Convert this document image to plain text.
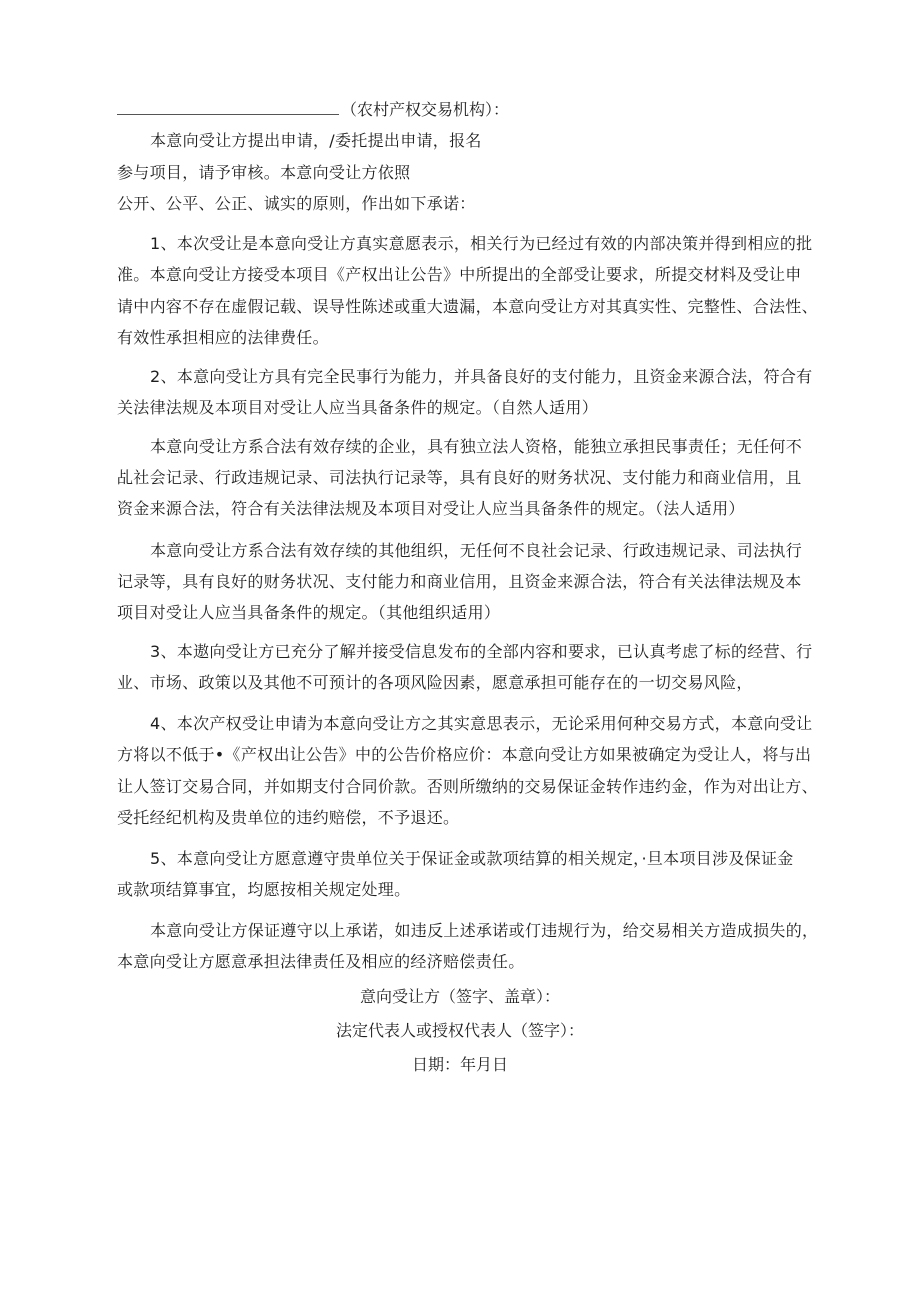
（农村产权交易机构）：
本意向受让方提出申请，/委托提出申请，报名
参与项目，请予审核。本意向受让方依照
公开、公平、公正、诚实的原则，作出如下承诺：
1、本次受让是本意向受让方真实意愿表示，相关行为已经过有效的内部决策并得到相应的批
准。本意向受让方接受本项目《产权出让公告》中所提出的全部受让要求，所提交材料及受让申
请中内容不存在虚假记载、误导性陈述或重大遗漏，本意向受让方对其真实性、完整性、合法性、
有效性承担相应的法律费任。
2、本意向受让方具有完全民事行为能力，并具备良好的支付能力，且资金来源合法，符合有
关法律法规及本项目对受让人应当具备条件的规定。（自然人适用）
本意向受让方系合法有效存续的企业，具有独立法人资格，能独立承担民事责任；无任何不
乩社会记录、行政违规记录、司法执行记录等，具有良好的财务状况、支付能力和商业信用，且
资金来源合法，符合有关法律法规及本项目对受让人应当具备条件的规定。（法人适用）
本意向受让方系合法有效存续的其他组织，无任何不良社会记录、行政违规记录、司法执行
记录等，具有良好的财务状况、支付能力和商业信用，且资金来源合法，符合有关法律法规及本
项目对受让人应当具备条件的规定。（其他组织适用）
3、本遨向受让方已充分了解并接受信息发布的全部内容和要求，已认真考虑了标的经营、行
业、市场、政策以及其他不可预计的各项风险因素，愿意承担可能存在的一切交易风险，
4、本次产权受让申请为本意向受让方之其实意思表示，无论采用何种交易方式，本意向受让
方将以不低于•《产权出让公告》中的公告价格应价：本意向受让方如果被确定为受让人，将与出
让人签订交易合同，并如期支付合同价款。否则所缴纳的交易保证金转作违约金，作为对出让方、
受托经纪机构及贵单位的违约赔偿，不予退还。
5、本意向受让方愿意遵守贵单位关于保证金或款项结算的相关规定，·旦本项目涉及保证金
或款项结算事宜，均愿按相关规定处理。
本意向受让方保证遵守以上承诺，如违反上述承诺或仃违规行为，给交易相关方造成损失的，
本意向受让方愿意承担法律责任及相应的经济赔偿责任。
意向受让方（签字、盖章）：
法定代表人或授权代表人（签字）：
日期：年月日
